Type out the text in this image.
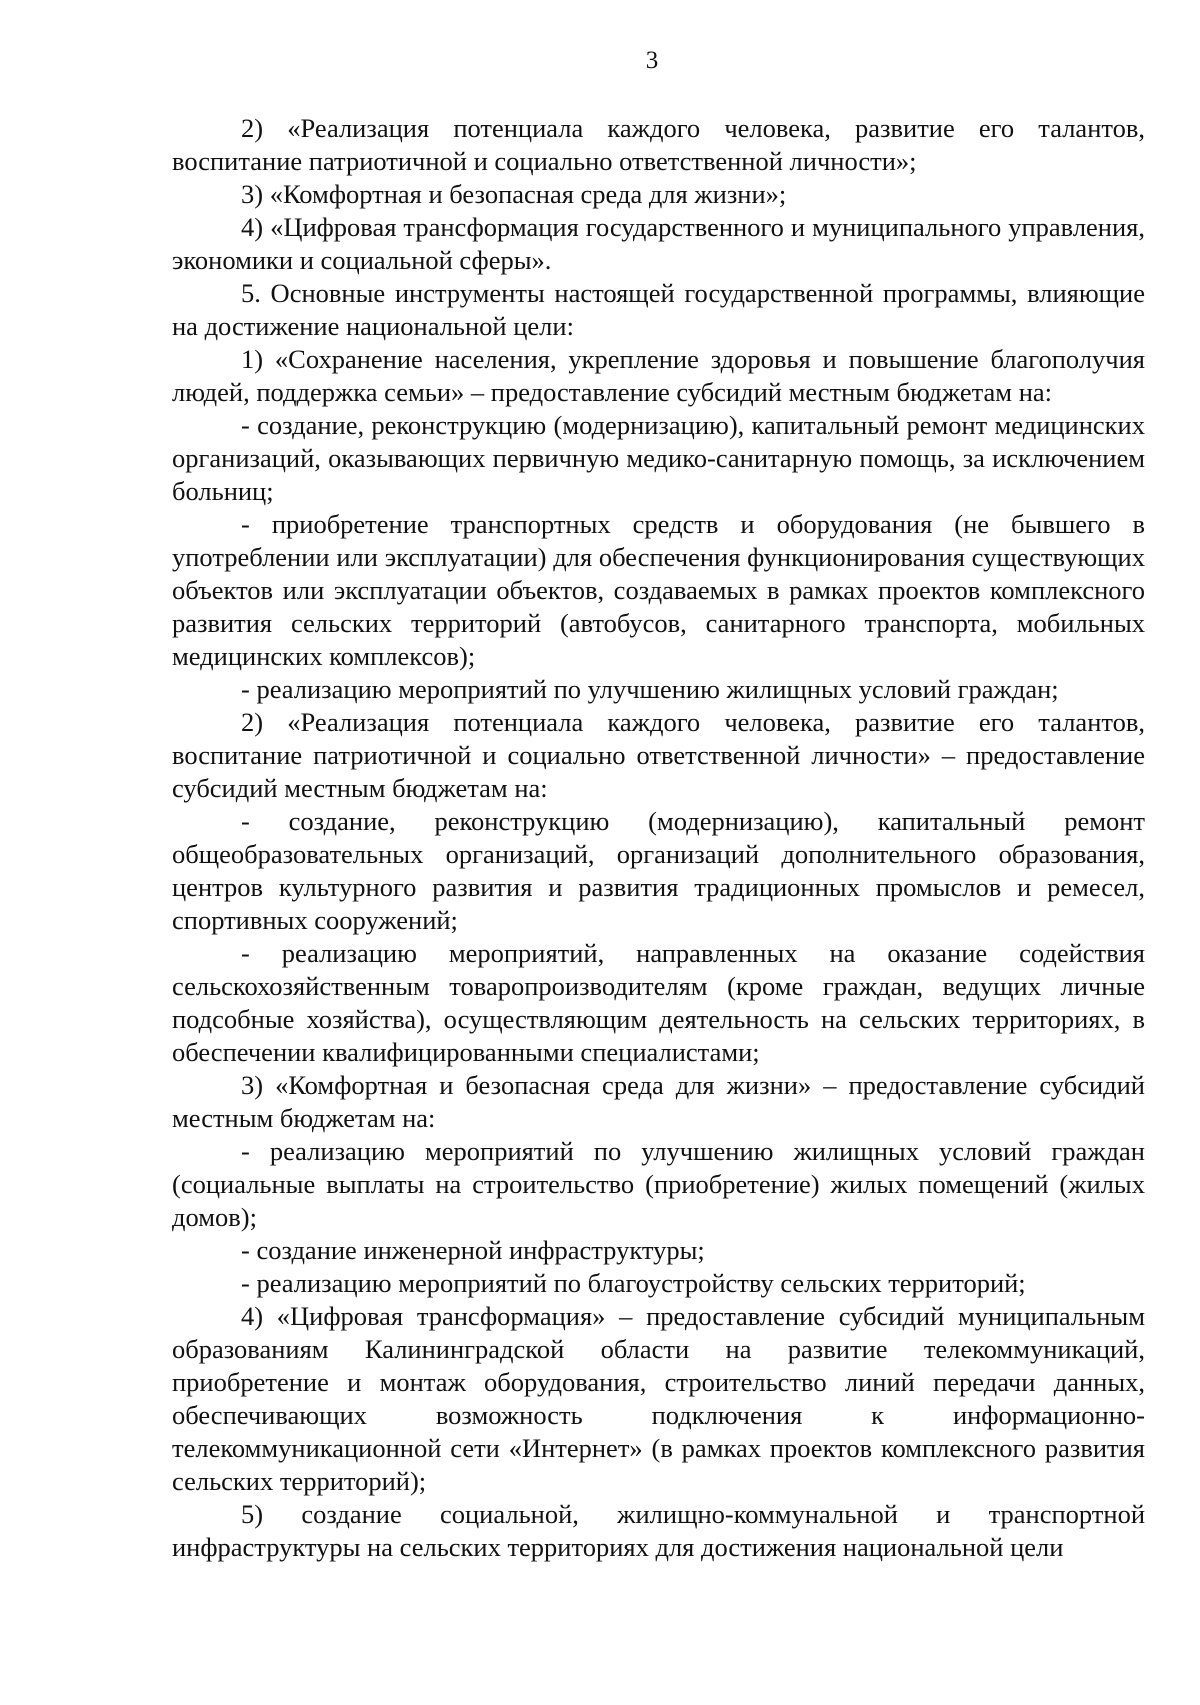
3

2) «Реализация потенциала каждого человека, развитие его талантов, воспитание патриотичной и социально ответственной личности»;

3) «Комфортная и безопасная среда для жизни»;

4) «Цифровая трансформация государственного и муниципального управления, экономики и социальной сферы».

5. Основные инструменты настоящей государственной программы, влияющие на достижение национальной цели:

1) «Сохранение населения, укрепление здоровья и повышение благополучия людей, поддержка семьи» – предоставление субсидий местным бюджетам на:

- создание, реконструкцию (модернизацию), капитальный ремонт медицинских организаций, оказывающих первичную медико-санитарную помощь, за исключением больниц;

- приобретение транспортных средств и оборудования (не бывшего в употреблении или эксплуатации) для обеспечения функционирования существующих объектов или эксплуатации объектов, создаваемых в рамках проектов комплексного развития сельских территорий (автобусов, санитарного транспорта, мобильных медицинских комплексов);

- реализацию мероприятий по улучшению жилищных условий граждан;

2) «Реализация потенциала каждого человека, развитие его талантов, воспитание патриотичной и социально ответственной личности» – предоставление субсидий местным бюджетам на:

- создание, реконструкцию (модернизацию), капитальный ремонт общеобразовательных организаций, организаций дополнительного образования, центров культурного развития и развития традиционных промыслов и ремесел, спортивных сооружений;

- реализацию мероприятий, направленных на оказание содействия сельскохозяйственным товаропроизводителям (кроме граждан, ведущих личные подсобные хозяйства), осуществляющим деятельность на сельских территориях, в обеспечении квалифицированными специалистами;

3) «Комфортная и безопасная среда для жизни» – предоставление субсидий местным бюджетам на:

- реализацию мероприятий по улучшению жилищных условий граждан (социальные выплаты на строительство (приобретение) жилых помещений (жилых домов);

- создание инженерной инфраструктуры;

- реализацию мероприятий по благоустройству сельских территорий;

4) «Цифровая трансформация» – предоставление субсидий муниципальным образованиям Калининградской области на развитие телекоммуникаций, приобретение и монтаж оборудования, строительство линий передачи данных, обеспечивающих возможность подключения к информационно-телекоммуникационной сети «Интернет» (в рамках проектов комплексного развития сельских территорий);

5) создание социальной, жилищно-коммунальной и транспортной инфраструктуры на сельских территориях для достижения национальной цели
